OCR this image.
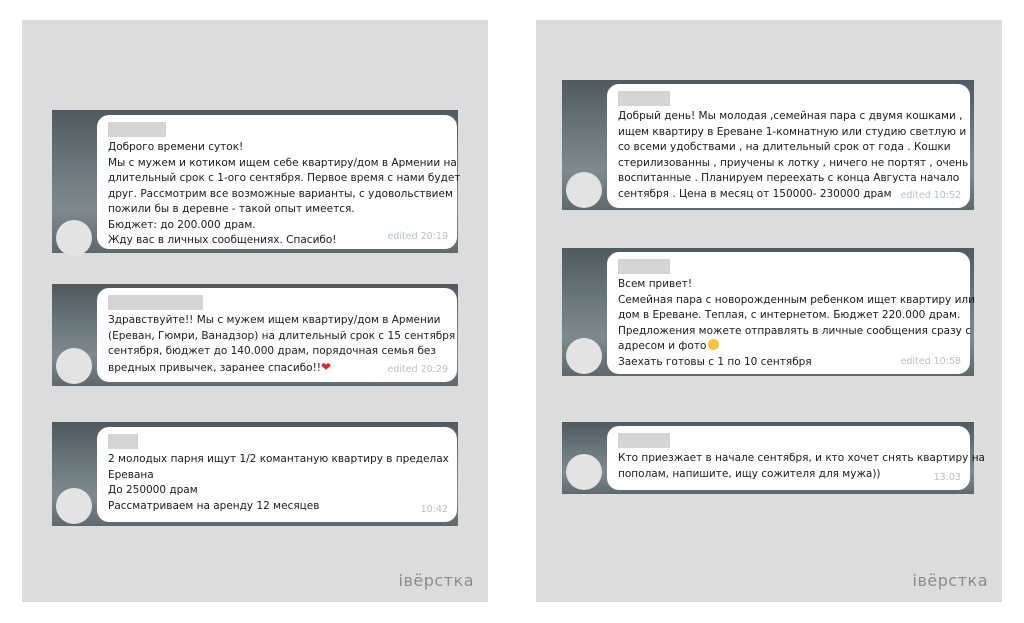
Доброго времени суток!
Мы с мужем и котиком ищем себе квартиру/дом в Армении на
длительный срок с 1-ого сентября. Первое время с нами будет
друг. Рассмотрим все возможные варианты, с удовольствием
пожили бы в деревне - такой опыт имеется.
Бюджет: до 200.000 драм.
Жду вас в личных сообщениях. Спасибо!	edited 20:19
Здравствуйте!! Мы с мужем ищем квартиру/дом в Армении
(Ереван, Гюмри, Ванадзор) на длительный срок с 15 сентября
сентября, бюджет до 140.000 драм, порядочная семья без
вредных привычек, заранее спасибо!!❤	edited 20:29
2 молодых парня ищут 1/2 комантаную квартиру в пределах
Еревана
До 250000 драм
Рассматриваем на аренду 12 месяцев	10:42
iвёрстка
Добрый день! Мы молодая ,семейная пара с двумя кошками ,
ищем квартиру в Ереване 1-комнатную или студию светлую и
со всеми удобствами , на длительный срок от года . Кошки
стерилизованны , приучены к лотку , ничего не портят , очень
воспитанные . Планируем переехать с конца Августа начало
сентября . Цена в месяц от 150000- 230000 драм edited 10:52
Всем привет!
Семейная пара с новорожденным ребенком ищет квартиру или
дом в Ереване. Теплая, с интернетом. Бюджет 220.000 драм.
Предложения можете отправлять в личные сообщения сразу с
адресом и фото
Заехать готовы с 1 по 10 сентября	edited 10:58
Кто приезжает в начале сентября, и кто хочет снять квартиру на
пополам, напишите, ищу сожителя для мужа))	13:03
iвёрстка
